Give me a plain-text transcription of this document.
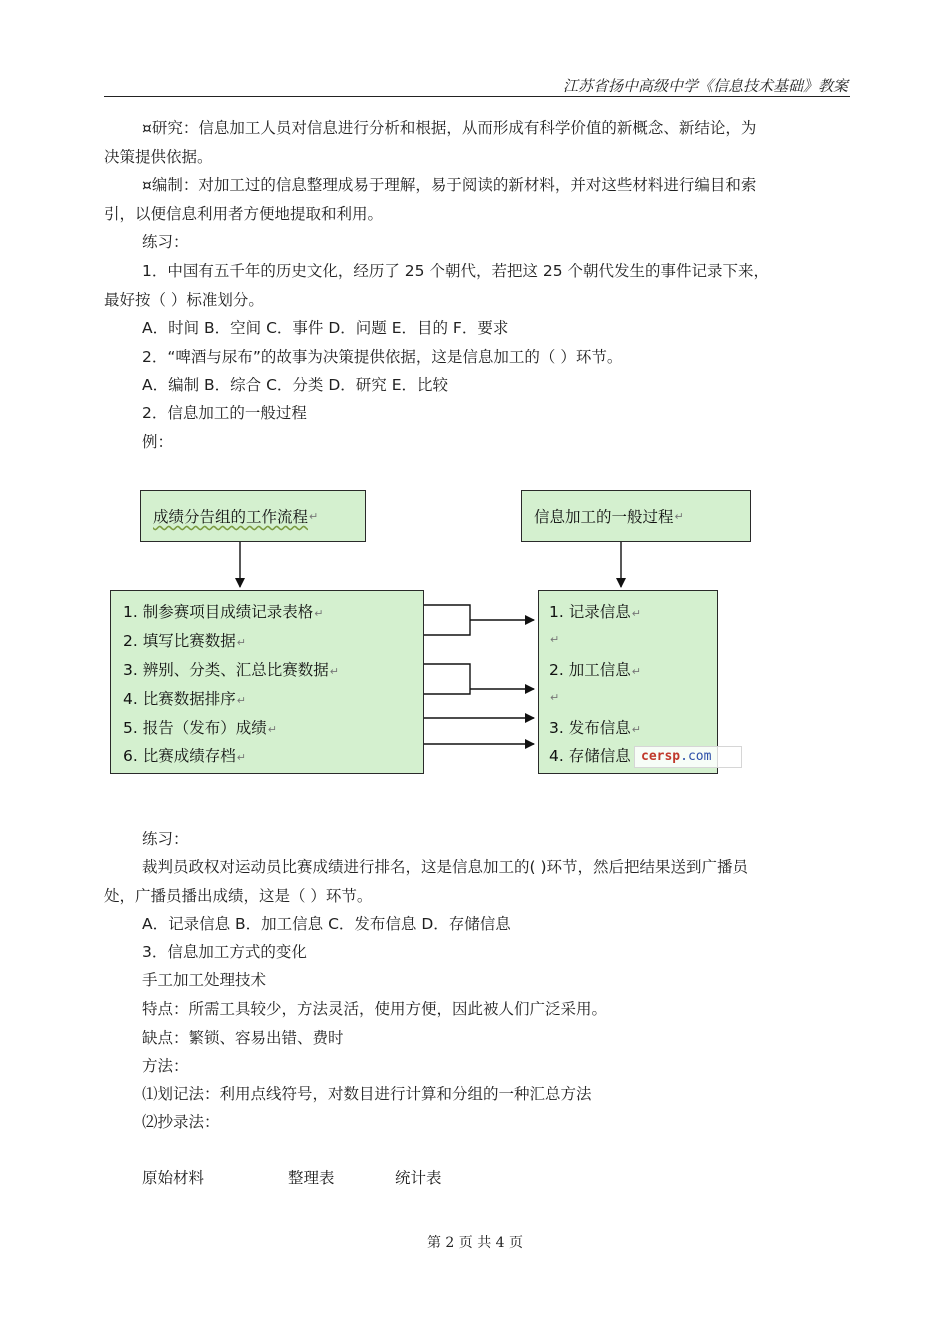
江苏省扬中高级中学《信息技术基础》教案
¤研究：信息加工人员对信息进行分析和根据，从而形成有科学价值的新概念、新结论，为
决策提供依据。
¤编制：对加工过的信息整理成易于理解，易于阅读的新材料，并对这些材料进行编目和索
引，以便信息利用者方便地提取和利用。
练习：
1．中国有五千年的历史文化，经历了 25 个朝代，若把这 25 个朝代发生的事件记录下来，
最好按（ ）标准划分。
A．时间 B．空间 C．事件 D．问题 E．目的 F．要求
2．“啤酒与尿布”的故事为决策提供依据，这是信息加工的（ ）环节。
A．编制 B．综合 C．分类 D．研究 E．比较
2．信息加工的一般过程
例：
成绩分告组的工作流程 ↵	信息加工的一般过程 ↵
1. 制参赛项目成绩记录表格↵
2. 填写比赛数据↵
3. 辨别、分类、汇总比赛数据↵
4. 比赛数据排序↵
5. 报告（发布）成绩↵
6. 比赛成绩存档↵
1. 记录信息↵
↵
2. 加工信息↵
↵
3. 发布信息↵
4. 存储信息 cersp.com
练习：
裁判员政权对运动员比赛成绩进行排名，这是信息加工的( )环节，然后把结果送到广播员
处，广播员播出成绩，这是（ ）环节。
A．记录信息 B．加工信息 C．发布信息 D．存储信息
3．信息加工方式的变化
手工加工处理技术
特点：所需工具较少，方法灵活，使用方便，因此被人们广泛采用。
缺点：繁锁、容易出错、费时
方法：
⑴划记法：利用点线符号，对数目进行计算和分组的一种汇总方法
⑵抄录法：
原始材料	整理表	统计表
第 2 页 共 4 页
